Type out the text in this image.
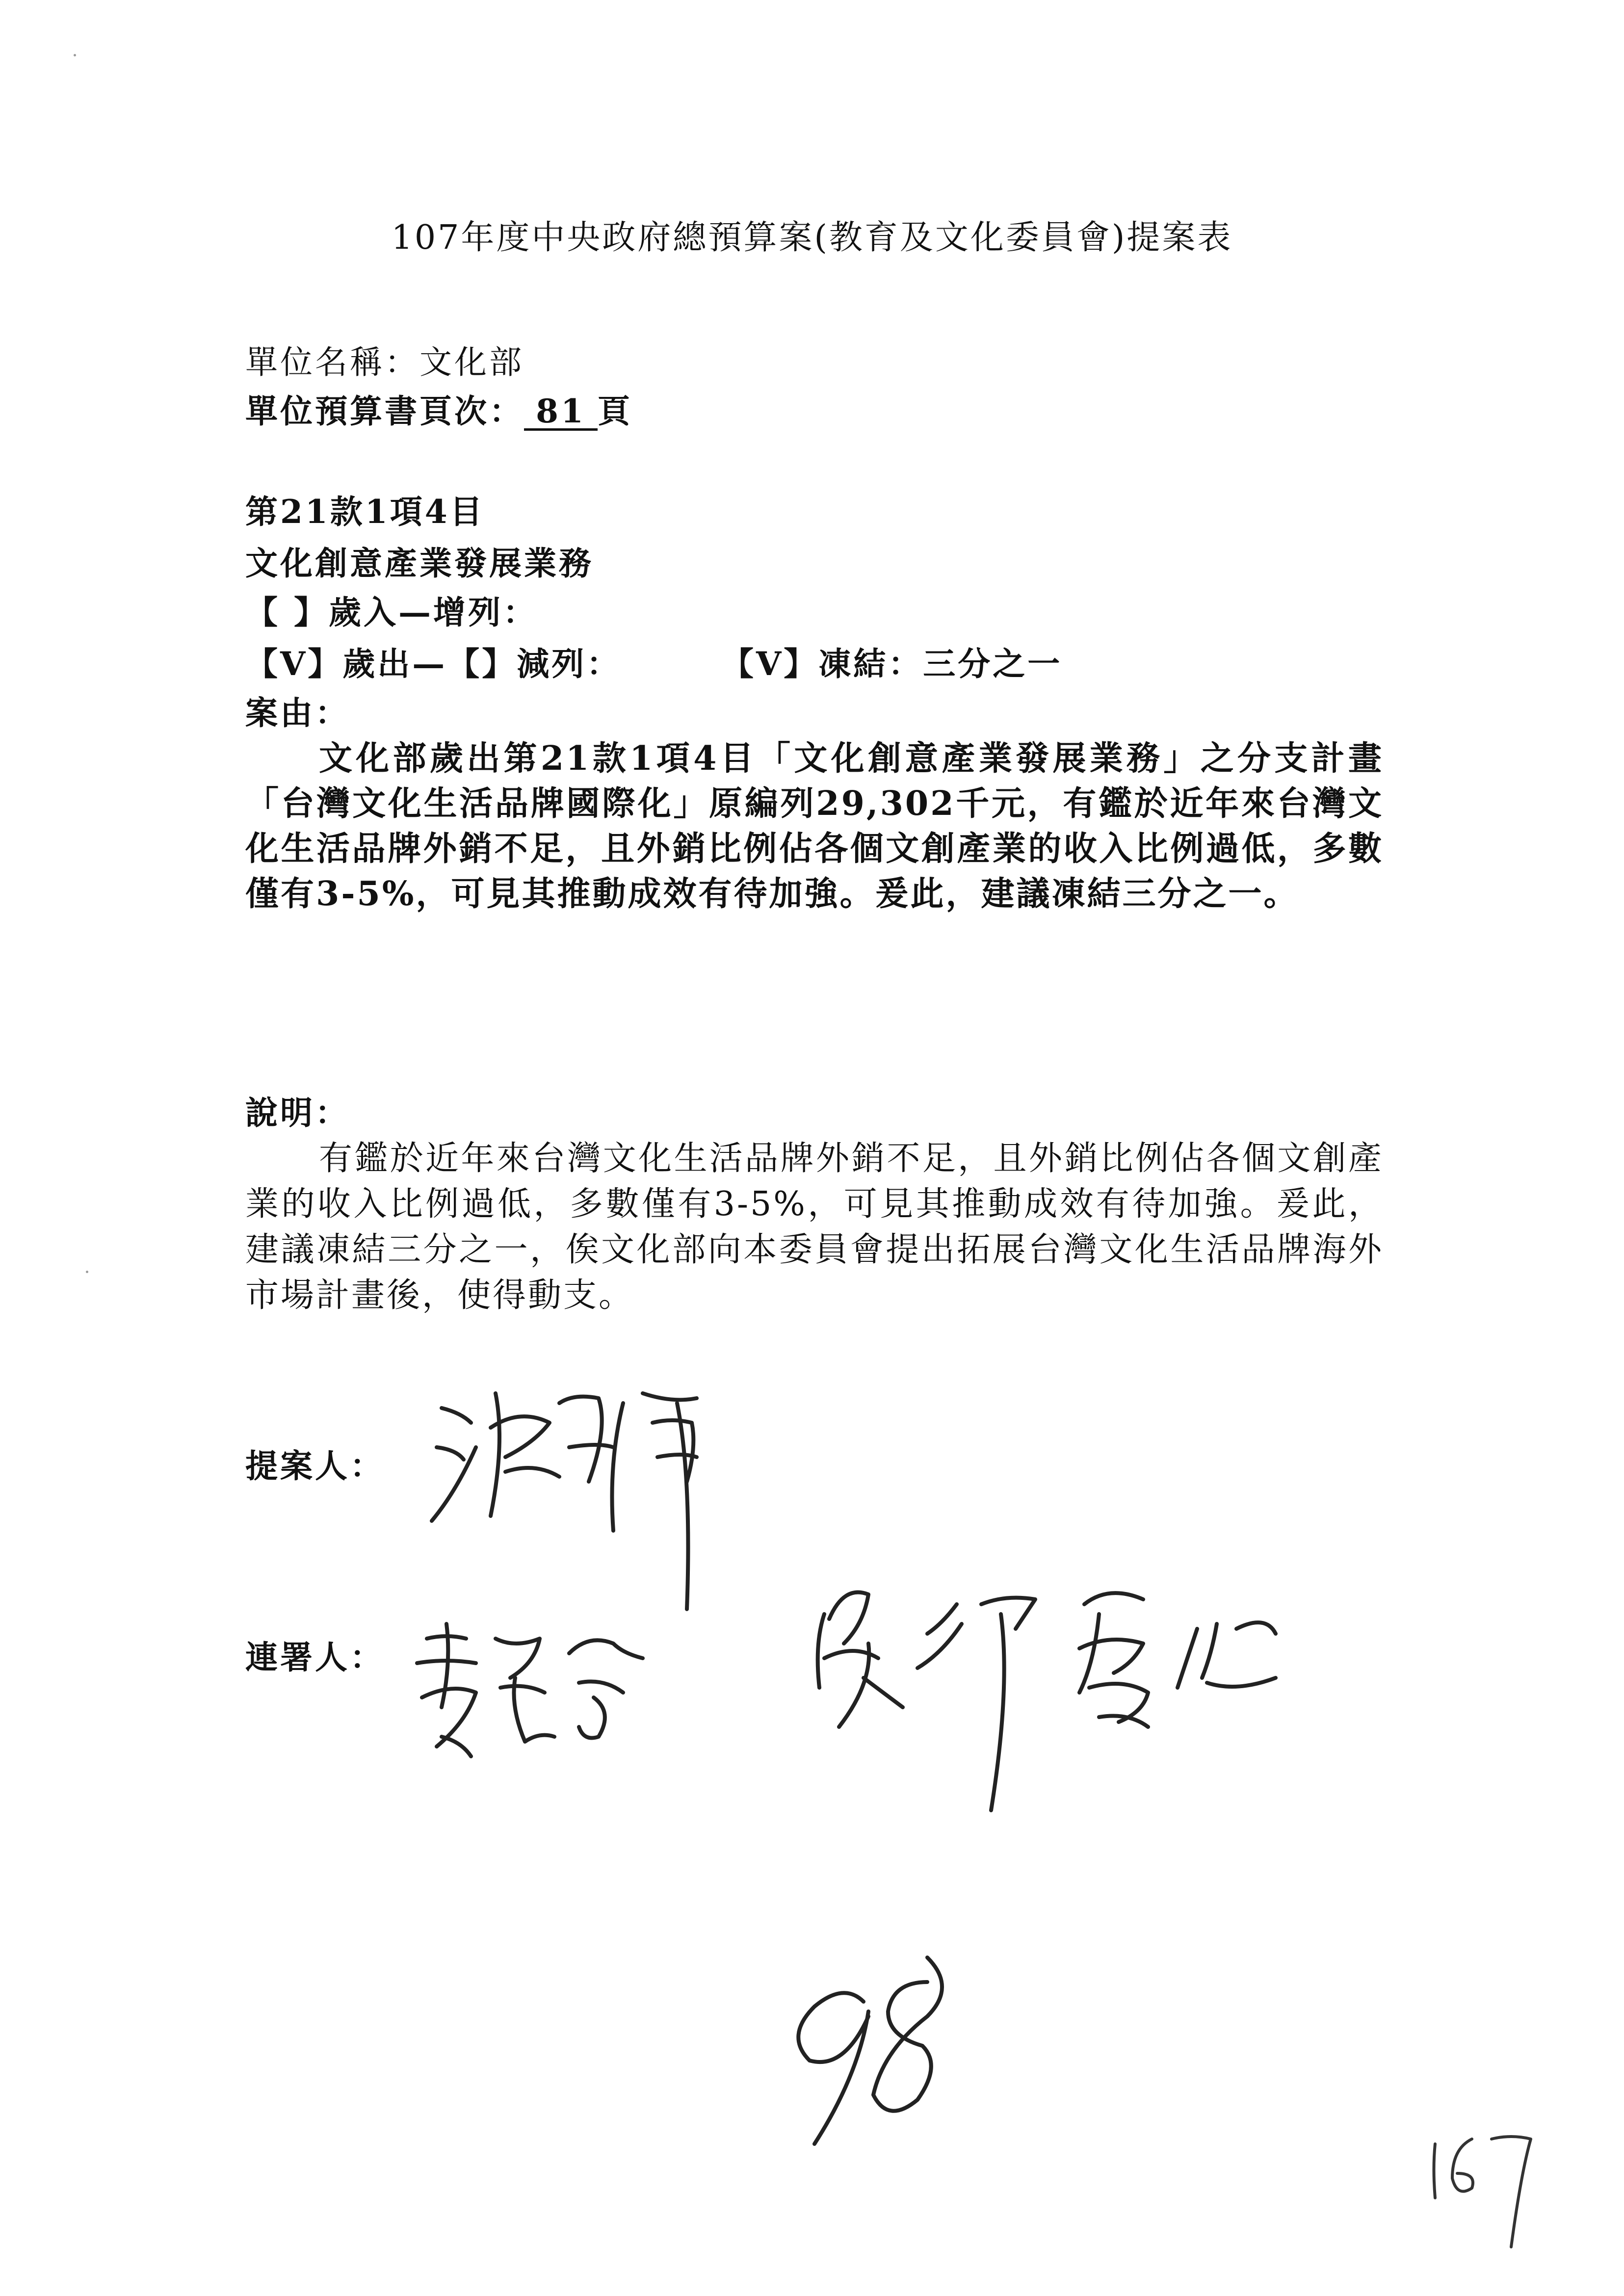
107年度中央政府總預算案(教育及文化委員會)提案表
單位名稱：文化部
單位預算書頁次： 81 頁
第21款1項4目
文化創意產業發展業務
【 】歲入—增列：
【V】歲出—【】減列：	【V】凍結：三分之一
案由：
文化部歲出第21款1項4目「文化創意產業發展業務」之分支計畫「台灣文化生活品牌國際化」原編列29,302千元，有鑑於近年來台灣文化生活品牌外銷不足，且外銷比例佔各個文創產業的收入比例過低，多數僅有3-5%，可見其推動成效有待加強。爰此，建議凍結三分之一。
說明：
有鑑於近年來台灣文化生活品牌外銷不足，且外銷比例佔各個文創產業的收入比例過低，多數僅有3-5%，可見其推動成效有待加強。爰此，建議凍結三分之一，俟文化部向本委員會提出拓展台灣文化生活品牌海外市場計畫後，使得動支。
提案人：
連署人：
